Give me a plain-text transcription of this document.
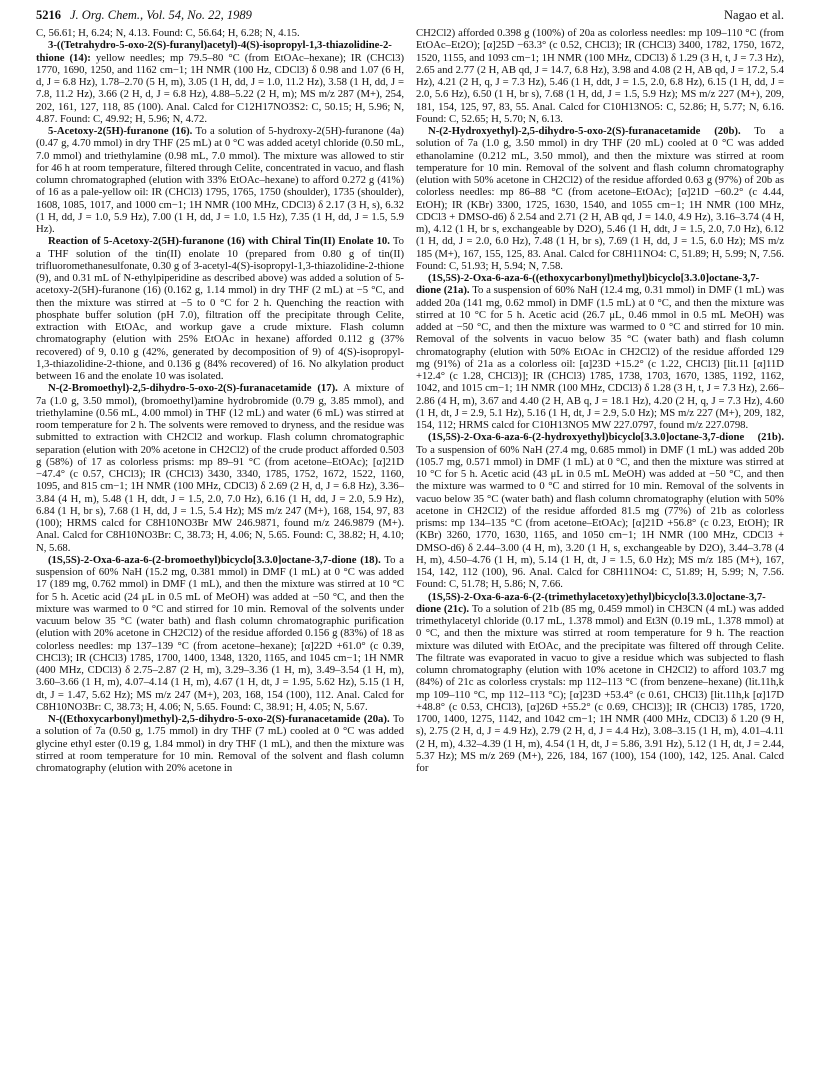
5216 J. Org. Chem., Vol. 54, No. 22, 1989	Nagao et al.

C, 56.61; H, 6.24; N, 4.13. Found: C, 56.64; H, 6.28; N, 4.15.

3-((Tetrahydro-5-oxo-2(S)-furanyl)acetyl)-4(S)-isopropyl-1,3-thiazolidine-2-thione (14): yellow needles; mp 79.5–80 °C (from EtOAc–hexane); IR (CHCl3) 1770, 1690, 1250, and 1162 cm−1; 1H NMR (100 Hz, CDCl3) δ 0.98 and 1.07 (6 H, d, J = 6.8 Hz), 1.78–2.70 (5 H, m), 3.05 (1 H, dd, J = 1.0, 11.2 Hz), 3.58 (1 H, dd, J = 7.8, 11.2 Hz), 3.66 (2 H, d, J = 6.8 Hz), 4.88–5.22 (2 H, m); MS m/z 287 (M+), 254, 202, 161, 127, 118, 85 (100). Anal. Calcd for C12H17NO3S2: C, 50.15; H, 5.96; N, 4.87. Found: C, 49.92; H, 5.96; N, 4.72.

5-Acetoxy-2(5H)-furanone (16). To a solution of 5-hydroxy-2(5H)-furanone (4a) (0.47 g, 4.70 mmol) in dry THF (25 mL) at 0 °C was added acetyl chloride (0.50 mL, 7.0 mmol) and triethylamine (0.98 mL, 7.0 mmol). The mixture was allowed to stir for 46 h at room temperature, filtered through Celite, concentrated in vacuo, and flash column chromatographed (elution with 33% EtOAc–hexane) to afford 0.272 g (41%) of 16 as a pale-yellow oil: IR (CHCl3) 1795, 1765, 1750 (shoulder), 1735 (shoulder), 1608, 1085, 1017, and 1000 cm−1; 1H NMR (100 MHz, CDCl3) δ 2.17 (3 H, s), 6.32 (1 H, dd, J = 1.0, 5.9 Hz), 7.00 (1 H, dd, J = 1.0, 1.5 Hz), 7.35 (1 H, dd, J = 1.5, 5.9 Hz).

Reaction of 5-Acetoxy-2(5H)-furanone (16) with Chiral Tin(II) Enolate 10. To a THF solution of the tin(II) enolate 10 (prepared from 0.80 g of tin(II) trifluoromethanesulfonate, 0.30 g of 3-acetyl-4(S)-isopropyl-1,3-thiazolidine-2-thione (9), and 0.31 mL of N-ethylpiperidine as described above) was added a solution of 5-acetoxy-2(5H)-furanone (16) (0.162 g, 1.14 mmol) in dry THF (2 mL) at −5 °C, and then the mixture was stirred at −5 to 0 °C for 2 h. Quenching the reaction with phosphate buffer solution (pH 7.0), filtration off the precipitate through Celite, extraction with EtOAc, and workup gave a crude mixture. Flash column chromatography (elution with 25% EtOAc in hexane) afforded 0.112 g (37% recovered) of 9, 0.10 g (42%, generated by decomposition of 9) of 4(S)-isopropyl-1,3-thiazolidine-2-thione, and 0.136 g (84% recovered) of 16. No alkylation product between 16 and the enolate 10 was isolated.

N-(2-Bromoethyl)-2,5-dihydro-5-oxo-2(S)-furanacetamide (17). A mixture of 7a (1.0 g, 3.50 mmol), (bromoethyl)amine hydrobromide (0.79 g, 3.85 mmol), and triethylamine (0.56 mL, 4.00 mmol) in THF (12 mL) and water (6 mL) was stirred at room temperature for 2 h. The solvents were removed to dryness, and the residue was submitted to extraction with CH2Cl2 and workup. Flash column chromatographic separation (elution with 20% acetone in CH2Cl2) of the crude product afforded 0.503 g (58%) of 17 as colorless prisms: mp 89–91 °C (from acetone–EtOAc); [α]21D −47.4° (c 0.57, CHCl3); IR (CHCl3) 3430, 3340, 1785, 1752, 1672, 1522, 1160, 1095, and 815 cm−1; 1H NMR (100 MHz, CDCl3) δ 2.69 (2 H, d, J = 6.8 Hz), 3.36–3.84 (4 H, m), 5.48 (1 H, ddt, J = 1.5, 2.0, 7.0 Hz), 6.16 (1 H, dd, J = 2.0, 5.9 Hz), 6.84 (1 H, br s), 7.68 (1 H, dd, J = 1.5, 5.4 Hz); MS m/z 247 (M+), 168, 154, 97, 83 (100); HRMS calcd for C8H10NO3Br MW 246.9871, found m/z 246.9879 (M+). Anal. Calcd for C8H10NO3Br: C, 38.73; H, 4.06; N, 5.65. Found: C, 38.82; H, 4.10; N, 5.68.

(1S,5S)-2-Oxa-6-aza-6-(2-bromoethyl)bicyclo[3.3.0]octane-3,7-dione (18). To a suspension of 60% NaH (15.2 mg, 0.381 mmol) in DMF (1 mL) at 0 °C was added 17 (189 mg, 0.762 mmol) in DMF (1 mL), and then the mixture was stirred at 10 °C for 5 h. Acetic acid (24 μL in 0.5 mL of MeOH) was added at −50 °C, and then the mixture was warmed to 0 °C and stirred for 10 min. Removal of the solvents under vacuum below 35 °C (water bath) and flash column chromatographic purification (elution with 20% acetone in CH2Cl2) of the residue afforded 0.156 g (83%) of 18 as colorless needles: mp 137–139 °C (from acetone–hexane); [α]22D +61.0° (c 0.39, CHCl3); IR (CHCl3) 1785, 1700, 1400, 1348, 1320, 1165, and 1045 cm−1; 1H NMR (400 MHz, CDCl3) δ 2.75–2.87 (2 H, m), 3.29–3.36 (1 H, m), 3.49–3.54 (1 H, m), 3.60–3.66 (1 H, m), 4.07–4.14 (1 H, m), 4.67 (1 H, dt, J = 1.95, 5.62 Hz), 5.15 (1 H, dt, J = 1.47, 5.62 Hz); MS m/z 247 (M+), 203, 168, 154 (100), 112. Anal. Calcd for C8H10NO3Br: C, 38.73; H, 4.06; N, 5.65. Found: C, 38.91; H, 4.05; N, 5.67.

N-((Ethoxycarbonyl)methyl)-2,5-dihydro-5-oxo-2(S)-furanacetamide (20a). To a solution of 7a (0.50 g, 1.75 mmol) in dry THF (7 mL) cooled at 0 °C was added glycine ethyl ester (0.19 g, 1.84 mmol) in dry THF (1 mL), and then the mixture was stirred at room temperature for 10 min. Removal of the solvent and flash column chromatography (elution with 20% acetone in

CH2Cl2) afforded 0.398 g (100%) of 20a as colorless needles: mp 109–110 °C (from EtOAc–Et2O); [α]25D −63.3° (c 0.52, CHCl3); IR (CHCl3) 3400, 1782, 1750, 1672, 1520, 1155, and 1093 cm−1; 1H NMR (100 MHz, CDCl3) δ 1.29 (3 H, t, J = 7.3 Hz), 2.65 and 2.77 (2 H, AB qd, J = 14.7, 6.8 Hz), 3.98 and 4.08 (2 H, AB qd, J = 17.2, 5.4 Hz), 4.21 (2 H, q, J = 7.3 Hz), 5.46 (1 H, ddt, J = 1.5, 2.0, 6.8 Hz), 6.15 (1 H, dd, J = 2.0, 5.6 Hz), 6.50 (1 H, br s), 7.68 (1 H, dd, J = 1.5, 5.9 Hz); MS m/z 227 (M+), 209, 181, 154, 125, 97, 83, 55. Anal. Calcd for C10H13NO5: C, 52.86; H, 5.77; N, 6.16. Found: C, 52.65; H, 5.70; N, 6.13.

N-(2-Hydroxyethyl)-2,5-dihydro-5-oxo-2(S)-furanacetamide (20b). To a solution of 7a (1.0 g, 3.50 mmol) in dry THF (20 mL) cooled at 0 °C was added ethanolamine (0.212 mL, 3.50 mmol), and then the mixture was stirred at room temperature for 10 min. Removal of the solvent and flash column chromatography (elution with 50% acetone in CH2Cl2) of the residue afforded 0.63 g (97%) of 20b as colorless needles: mp 86–88 °C (from acetone–EtOAc); [α]21D −60.2° (c 4.44, EtOH); IR (KBr) 3300, 1725, 1630, 1540, and 1055 cm−1; 1H NMR (100 MHz, CDCl3 + DMSO-d6) δ 2.54 and 2.71 (2 H, AB qd, J = 14.0, 4.9 Hz), 3.16–3.74 (4 H, m), 4.12 (1 H, br s, exchangeable by D2O), 5.46 (1 H, ddt, J = 1.5, 2.0, 7.0 Hz), 6.12 (1 H, dd, J = 2.0, 6.0 Hz), 7.48 (1 H, br s), 7.69 (1 H, dd, J = 1.5, 6.0 Hz); MS m/z 185 (M+), 167, 155, 125, 83. Anal. Calcd for C8H11NO4: C, 51.89; H, 5.99; N, 7.56. Found: C, 51.93; H, 5.94; N, 7.58.

(1S,5S)-2-Oxa-6-aza-6-((ethoxycarbonyl)methyl)bicyclo[3.3.0]octane-3,7-dione (21a). To a suspension of 60% NaH (12.4 mg, 0.31 mmol) in DMF (1 mL) was added 20a (141 mg, 0.62 mmol) in DMF (1.5 mL) at 0 °C, and then the mixture was stirred at 10 °C for 5 h. Acetic acid (26.7 μL, 0.46 mmol in 0.5 mL MeOH) was added at −50 °C, and then the mixture was warmed to 0 °C and stirred for 10 min. Removal of the solvents in vacuo below 35 °C (water bath) and flash column chromatography (elution with 50% EtOAc in CH2Cl2) of the residue afforded 129 mg (91%) of 21a as a colorless oil: [α]23D +15.2° (c 1.22, CHCl3) [lit.11 [α]11D +12.4° (c 1.28, CHCl3)]; IR (CHCl3) 1785, 1738, 1703, 1670, 1385, 1192, 1162, 1042, and 1015 cm−1; 1H NMR (100 MHz, CDCl3) δ 1.28 (3 H, t, J = 7.3 Hz), 2.66–2.86 (4 H, m), 3.67 and 4.40 (2 H, AB q, J = 18.1 Hz), 4.20 (2 H, q, J = 7.3 Hz), 4.60 (1 H, dt, J = 2.9, 5.1 Hz), 5.16 (1 H, dt, J = 2.9, 5.0 Hz); MS m/z 227 (M+), 209, 182, 154, 112; HRMS calcd for C10H13NO5 MW 227.0797, found m/z 227.0798.

(1S,5S)-2-Oxa-6-aza-6-(2-hydroxyethyl)bicyclo[3.3.0]octane-3,7-dione (21b). To a suspension of 60% NaH (27.4 mg, 0.685 mmol) in DMF (1 mL) was added 20b (105.7 mg, 0.571 mmol) in DMF (1 mL) at 0 °C, and then the mixture was stirred at 10 °C for 5 h. Acetic acid (43 μL in 0.5 mL MeOH) was added at −50 °C, and then the mixture was warmed to 0 °C and stirred for 10 min. Removal of the solvents in vacuo below 35 °C (water bath) and flash column chromatography (elution with 50% acetone in CH2Cl2) of the residue afforded 81.5 mg (77%) of 21b as colorless prisms: mp 134–135 °C (from acetone–EtOAc); [α]21D +56.8° (c 0.23, EtOH); IR (KBr) 3260, 1770, 1630, 1165, and 1050 cm−1; 1H NMR (100 MHz, CDCl3 + DMSO-d6) δ 2.44–3.00 (4 H, m), 3.20 (1 H, s, exchangeable by D2O), 3.44–3.78 (4 H, m), 4.50–4.76 (1 H, m), 5.14 (1 H, dt, J = 1.5, 6.0 Hz); MS m/z 185 (M+), 167, 154, 142, 112 (100), 96. Anal. Calcd for C8H11NO4: C, 51.89; H, 5.99; N, 7.56. Found: C, 51.78; H, 5.86; N, 7.66.

(1S,5S)-2-Oxa-6-aza-6-(2-(trimethylacetoxy)ethyl)bicyclo[3.3.0]octane-3,7-dione (21c). To a solution of 21b (85 mg, 0.459 mmol) in CH3CN (4 mL) was added trimethylacetyl chloride (0.17 mL, 1.378 mmol) and Et3N (0.19 mL, 1.378 mmol) at 0 °C, and then the mixture was stirred at room temperature for 9 h. The reaction mixture was diluted with EtOAc, and the precipitate was filtered off through Celite. The filtrate was evaporated in vacuo to give a residue which was subjected to flash column chromatography (elution with 10% acetone in CH2Cl2) to afford 103.7 mg (84%) of 21c as colorless crystals: mp 112–113 °C (from benzene–hexane) (lit.11h,k mp 109–110 °C, mp 112–113 °C); [α]23D +53.4° (c 0.61, CHCl3) [lit.11h,k [α]17D +48.8° (c 0.53, CHCl3), [α]26D +55.2° (c 0.69, CHCl3)]; IR (CHCl3) 1785, 1720, 1700, 1400, 1275, 1142, and 1042 cm−1; 1H NMR (400 MHz, CDCl3) δ 1.20 (9 H, s), 2.75 (2 H, d, J = 4.9 Hz), 2.79 (2 H, d, J = 4.4 Hz), 3.08–3.15 (1 H, m), 4.01–4.11 (2 H, m), 4.32–4.39 (1 H, m), 4.54 (1 H, dt, J = 5.86, 3.91 Hz), 5.12 (1 H, dt, J = 2.44, 5.37 Hz); MS m/z 269 (M+), 226, 184, 167 (100), 154 (100), 142, 125. Anal. Calcd for
